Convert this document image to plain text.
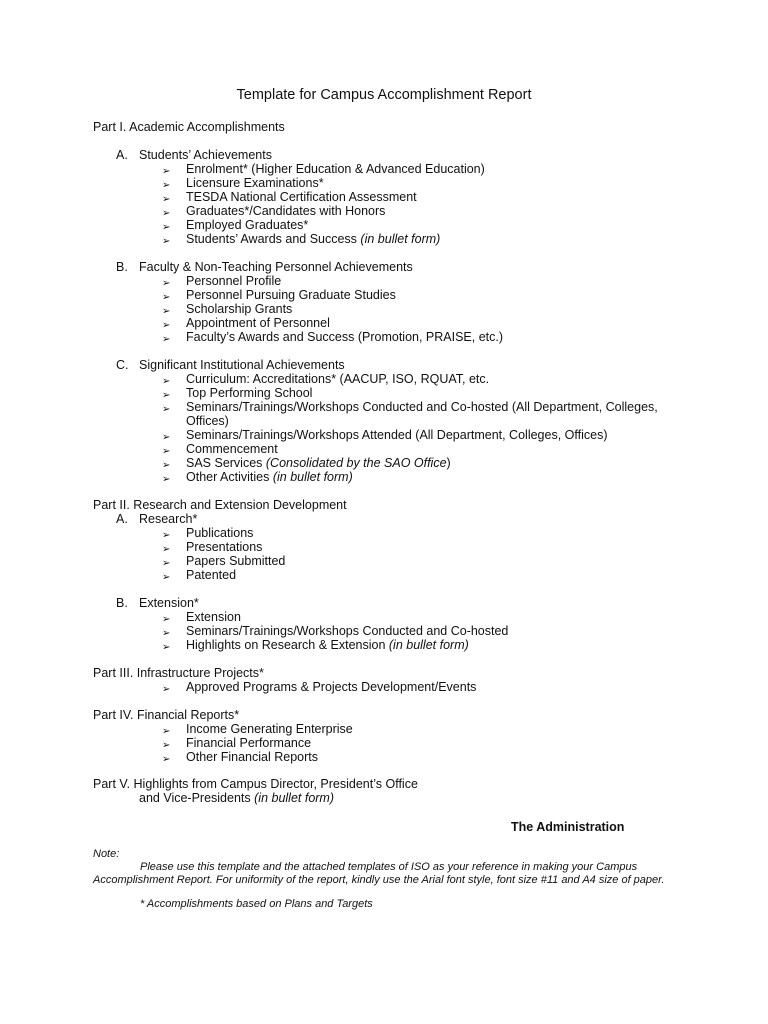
Template for Campus Accomplishment Report
Part I. Academic Accomplishments
A. Students’ Achievements
➢ Enrolment* (Higher Education & Advanced Education)
➢ Licensure Examinations*
➢ TESDA National Certification Assessment
➢ Graduates*/Candidates with Honors
➢ Employed Graduates*
➢ Students’ Awards and Success (in bullet form)
B. Faculty & Non-Teaching Personnel Achievements
➢ Personnel Profile
➢ Personnel Pursuing Graduate Studies
➢ Scholarship Grants
➢ Appointment of Personnel
➢ Faculty’s Awards and Success (Promotion, PRAISE, etc.)
C. Significant Institutional Achievements
➢ Curriculum: Accreditations* (AACUP, ISO, RQUAT, etc.
➢ Top Performing School
➢ Seminars/Trainings/Workshops Conducted and Co-hosted (All Department, Colleges,
Offices)
➢ Seminars/Trainings/Workshops Attended (All Department, Colleges, Offices)
➢ Commencement
➢ SAS Services (Consolidated by the SAO Office)
➢ Other Activities (in bullet form)
Part II. Research and Extension Development
A. Research*
➢ Publications
➢ Presentations
➢ Papers Submitted
➢ Patented
B. Extension*
➢ Extension
➢ Seminars/Trainings/Workshops Conducted and Co-hosted
➢ Highlights on Research & Extension (in bullet form)
Part III. Infrastructure Projects*
➢ Approved Programs & Projects Development/Events
Part IV. Financial Reports*
➢ Income Generating Enterprise
➢ Financial Performance
➢ Other Financial Reports
Part V. Highlights from Campus Director, President’s Office
and Vice-Presidents (in bullet form)
The Administration
Note:
Please use this template and the attached templates of ISO as your reference in making your Campus Accomplishment Report. For uniformity of the report, kindly use the Arial font style, font size #11 and A4 size of paper.
* Accomplishments based on Plans and Targets
